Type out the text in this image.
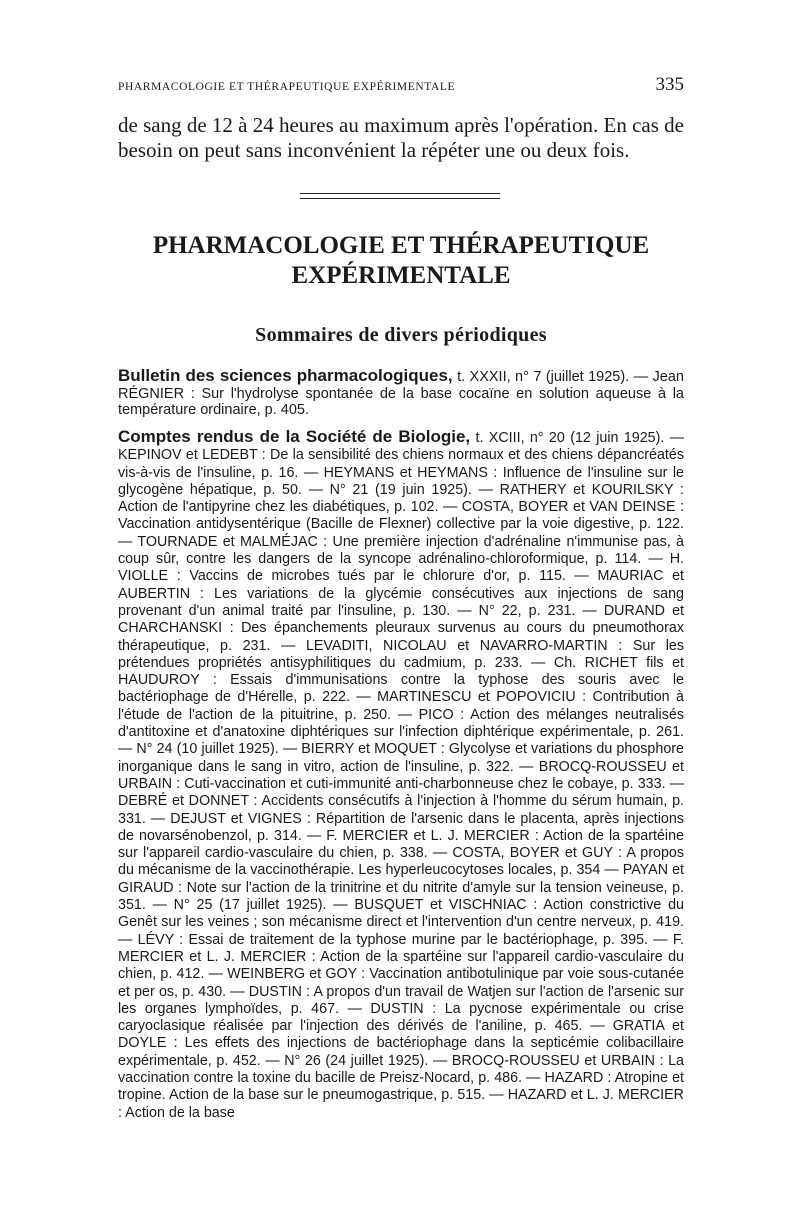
PHARMACOLOGIE ET THÉRAPEUTIQUE EXPÉRIMENTALE	335

de sang de 12 à 24 heures au maximum après l'opération. En cas de besoin on peut sans inconvénient la répéter une ou deux fois.

PHARMACOLOGIE ET THÉRAPEUTIQUE
EXPÉRIMENTALE
Sommaires de divers périodiques

Bulletin des sciences pharmacologiques, t. XXXII, n° 7 (juillet 1925). — Jean RÉGNIER : Sur l'hydrolyse spontanée de la base cocaïne en solution aqueuse à la température ordinaire, p. 405.

Comptes rendus de la Société de Biologie, t. XCIII, n° 20 (12 juin 1925). — KEPINOV et LEDEBT : De la sensibilité des chiens normaux et des chiens dépancréatés vis-à-vis de l'insuline, p. 16. — HEYMANS et HEYMANS : Influence de l'insuline sur le glycogène hépatique, p. 50. — N° 21 (19 juin 1925). — RATHERY et KOURILSKY : Action de l'antipyrine chez les diabétiques, p. 102. — COSTA, BOYER et VAN DEINSE : Vaccination antidysentérique (Bacille de Flexner) collective par la voie digestive, p. 122. — TOURNADE et MALMÉJAC : Une première injection d'adrénaline n'immunise pas, à coup sûr, contre les dangers de la syncope adrénalino-chloroformique, p. 114. — H. VIOLLE : Vaccins de microbes tués par le chlorure d'or, p. 115. — MAURIAC et AUBERTIN : Les variations de la glycémie consécutives aux injections de sang provenant d'un animal traité par l'insuline, p. 130. — N° 22, p. 231. — DURAND et CHARCHANSKI : Des épanchements pleuraux survenus au cours du pneumothorax thérapeutique, p. 231. — LEVADITI, NICOLAU et NAVARRO-MARTIN : Sur les prétendues propriétés antisyphilitiques du cadmium, p. 233. — Ch. RICHET fils et HAUDUROY : Essais d'immunisations contre la typhose des souris avec le bactériophage de d'Hérelle, p. 222. — MARTINESCU et POPOVICIU : Contribution à l'étude de l'action de la pituitrine, p. 250. — PICO : Action des mélanges neutralisés d'antitoxine et d'anatoxine diphtériques sur l'infection diphtérique expérimentale, p. 261. — N° 24 (10 juillet 1925). — BIERRY et MOQUET : Glycolyse et variations du phosphore inorganique dans le sang in vitro, action de l'insuline, p. 322. — BROCQ-ROUSSEU et URBAIN : Cuti-vaccination et cuti-immunité anti-charbonneuse chez le cobaye, p. 333. — DEBRÉ et DONNET : Accidents consécutifs à l'injection à l'homme du sérum humain, p. 331. — DEJUST et VIGNES : Répartition de l'arsenic dans le placenta, après injections de novarsénobenzol, p. 314. — F. MERCIER et L. J. MERCIER : Action de la spartéine sur l'appareil cardio-vasculaire du chien, p. 338. — COSTA, BOYER et GUY : A propos du mécanisme de la vaccinothérapie. Les hyperleucocytoses locales, p. 354 — PAYAN et GIRAUD : Note sur l'action de la trinitrine et du nitrite d'amyle sur la tension veineuse, p. 351. — N° 25 (17 juillet 1925). — BUSQUET et VISCHNIAC : Action constrictive du Genêt sur les veines ; son mécanisme direct et l'intervention d'un centre nerveux, p. 419. — LÉVY : Essai de traitement de la typhose murine par le bactériophage, p. 395. — F. MERCIER et L. J. MERCIER : Action de la spartéine sur l'appareil cardio-vasculaire du chien, p. 412. — WEINBERG et GOY : Vaccination antibotulinique par voie sous-cutanée et per os, p. 430. — DUSTIN : A propos d'un travail de Watjen sur l'action de l'arsenic sur les organes lymphoïdes, p. 467. — DUSTIN : La pycnose expérimentale ou crise caryoclasique réalisée par l'injection des dérivés de l'aniline, p. 465. — GRATIA et DOYLE : Les effets des injections de bactériophage dans la septicémie colibacillaire expérimentale, p. 452. — N° 26 (24 juillet 1925). — BROCQ-ROUSSEU et URBAIN : La vaccination contre la toxine du bacille de Preisz-Nocard, p. 486. — HAZARD : Atropine et tropine. Action de la base sur le pneumogastrique, p. 515. — HAZARD et L. J. MERCIER : Action de la base
